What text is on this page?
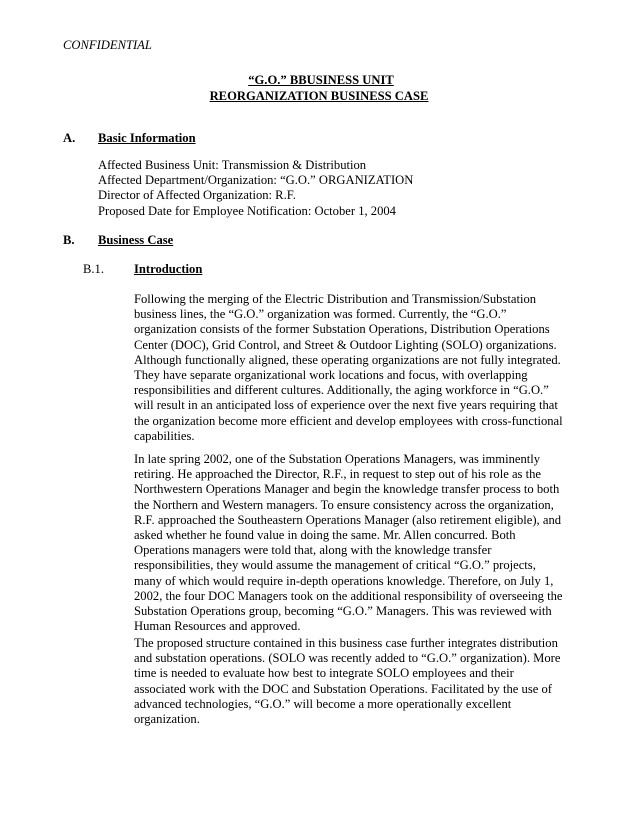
CONFIDENTIAL
“G.O.” BBUSINESS UNIT
REORGANIZATION BUSINESS CASE
A. Basic Information
Affected Business Unit: Transmission & Distribution
Affected Department/Organization: “G.O.” ORGANIZATION
Director of Affected Organization: R.F.
Proposed Date for Employee Notification: October 1, 2004
B. Business Case
B.1. Introduction
Following the merging of the Electric Distribution and Transmission/Substation
business lines, the “G.O.” organization was formed. Currently, the “G.O.”
organization consists of the former Substation Operations, Distribution Operations
Center (DOC), Grid Control, and Street & Outdoor Lighting (SOLO) organizations.
Although functionally aligned, these operating organizations are not fully integrated.
They have separate organizational work locations and focus, with overlapping
responsibilities and different cultures. Additionally, the aging workforce in “G.O.”
will result in an anticipated loss of experience over the next five years requiring that
the organization become more efficient and develop employees with cross-functional
capabilities.
In late spring 2002, one of the Substation Operations Managers, was imminently
retiring. He approached the Director, R.F., in request to step out of his role as the
Northwestern Operations Manager and begin the knowledge transfer process to both
the Northern and Western managers. To ensure consistency across the organization,
R.F. approached the Southeastern Operations Manager (also retirement eligible), and
asked whether he found value in doing the same. Mr. Allen concurred. Both
Operations managers were told that, along with the knowledge transfer
responsibilities, they would assume the management of critical “G.O.” projects,
many of which would require in-depth operations knowledge. Therefore, on July 1,
2002, the four DOC Managers took on the additional responsibility of overseeing the
Substation Operations group, becoming “G.O.” Managers. This was reviewed with
Human Resources and approved.
The proposed structure contained in this business case further integrates distribution
and substation operations. (SOLO was recently added to “G.O.” organization). More
time is needed to evaluate how best to integrate SOLO employees and their
associated work with the DOC and Substation Operations. Facilitated by the use of
advanced technologies, “G.O.” will become a more operationally excellent
organization.
